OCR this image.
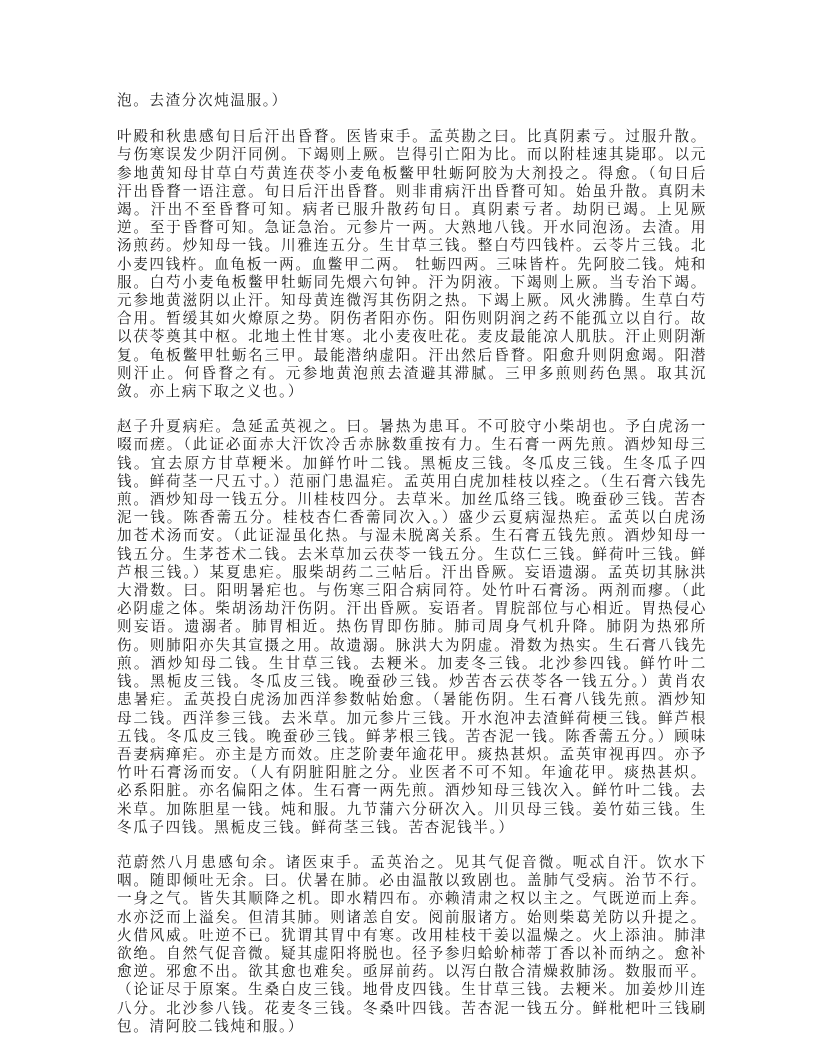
泡。去渣分次炖温服。）

叶殿和秋患感旬日后汗出昏瞀。医皆束手。孟英勘之曰。比真阴素亏。过服升散。与伤寒误发少阴汗同例。下竭则上厥。岂得引亡阳为比。而以附桂速其毙耶。以元参地黄知母甘草白芍黄连茯苓小麦龟板鳖甲牡蛎阿胶为大剂投之。得愈。（旬日后汗出昏瞀一语注意。旬日后汗出昏瞀。则非甫病汗出昏瞀可知。始虽升散。真阴未竭。汗出不至昏瞀可知。病者已服升散药旬日。真阴素亏者。劫阴已竭。上见厥逆。至于昏瞀可知。急证急治。元参片一两。大熟地八钱。开水同泡汤。去渣。用汤煎药。炒知母一钱。川雅连五分。生甘草三钱。整白芍四钱杵。云苓片三钱。北小麦四钱杵。血龟板一两。血鳖甲二两。 牡蛎四两。三味皆杵。先阿胶二钱。炖和服。白芍小麦龟板鳖甲牡蛎同先煨六句钟。汗为阴液。下竭则上厥。当专治下竭。元参地黄滋阴以止汗。知母黄连微泻其伤阴之热。下竭上厥。风火沸腾。生草白芍合用。暂缓其如火燎原之势。阴伤者阳亦伤。阳伤则阴润之药不能孤立以自行。故以茯苓奠其中枢。北地土性甘寒。北小麦夜吐花。麦皮最能凉人肌肤。汗止则阴渐复。龟板鳖甲牡蛎名三甲。最能潜纳虚阳。汗出然后昏瞀。阳愈升则阴愈竭。阳潜则汗止。何昏瞀之有。元参地黄泡煎去渣避其滞腻。三甲多煎则药色黑。取其沉敛。亦上病下取之义也。）

赵子升夏病疟。急延孟英视之。曰。暑热为患耳。不可胶守小柴胡也。予白虎汤一啜而瘥。（此证必面赤大汗饮冷舌赤脉数重按有力。生石膏一两先煎。酒炒知母三钱。宜去原方甘草粳米。加鲜竹叶二钱。黑栀皮三钱。冬瓜皮三钱。生冬瓜子四钱。鲜荷茎一尺五寸。）范丽门患温疟。孟英用白虎加桂枝以痊之。（生石膏六钱先煎。酒炒知母一钱五分。川桂枝四分。去草米。加丝瓜络三钱。晚蚕砂三钱。苦杏泥一钱。陈香薷五分。桂枝杏仁香薷同次入。）盛少云夏病湿热疟。孟英以白虎汤加苍术汤而安。（此证湿虽化热。与湿未脱离关系。生石膏五钱先煎。酒炒知母一钱五分。生茅苍术二钱。去米草加云茯苓一钱五分。生苡仁三钱。鲜荷叶三钱。鲜芦根三钱。）某夏患疟。服柴胡药二三帖后。汗出昏厥。妄语遗溺。孟英切其脉洪大滑数。曰。阳明暑疟也。与伤寒三阳合病同符。处竹叶石膏汤。两剂而瘳。（此必阴虚之体。柴胡汤劫汗伤阴。汗出昏厥。妄语者。胃脘部位与心相近。胃热侵心则妄语。遗溺者。肺胃相近。热伤胃即伤肺。肺司周身气机升降。肺阴为热邪所伤。则肺阳亦失其宣摄之用。故遗溺。脉洪大为阴虚。滑数为热实。生石膏八钱先煎。酒炒知母二钱。生甘草三钱。去粳米。加麦冬三钱。北沙参四钱。鲜竹叶二钱。黑栀皮三钱。冬瓜皮三钱。晚蚕砂三钱。炒苦杏云茯苓各一钱五分。）黄肖农患暑疟。孟英投白虎汤加西洋参数帖始愈。（暑能伤阴。生石膏八钱先煎。酒炒知母二钱。西洋参三钱。去米草。加元参片三钱。开水泡冲去渣鲜荷梗三钱。鲜芦根五钱。冬瓜皮三钱。晚蚕砂三钱。鲜茅根三钱。苦杏泥一钱。陈香薷五分。）顾味吾妻病瘅疟。亦主是方而效。庄芝阶妻年逾花甲。痰热甚炽。孟英审视再四。亦予竹叶石膏汤而安。（人有阴脏阳脏之分。业医者不可不知。年逾花甲。痰热甚炽。必系阳脏。亦名偏阳之体。生石膏一两先煎。酒炒知母三钱次入。鲜竹叶二钱。去米草。加陈胆星一钱。炖和服。九节蒲六分研次入。川贝母三钱。姜竹茹三钱。生冬瓜子四钱。黑栀皮三钱。鲜荷茎三钱。苦杏泥钱半。）

范蔚然八月患感旬余。诸医束手。孟英治之。见其气促音微。呃忒自汗。饮水下咽。随即倾吐无余。曰。伏暑在肺。必由温散以致剧也。盖肺气受病。治节不行。一身之气。皆失其顺降之机。即水精四布。亦赖清肃之权以主之。气既逆而上奔。水亦泛而上溢矣。但清其肺。则诸恙自安。阅前服诸方。始则柴葛羌防以升提之。火借风威。吐逆不已。犹谓其胃中有寒。改用桂枝干姜以温燥之。火上添油。肺津欲绝。自然气促音微。疑其虚阳将脱也。径予参归蛤蚧柿蒂丁香以补而纳之。愈补愈逆。邪愈不出。欲其愈也难矣。亟屏前药。以泻白散合清燥救肺汤。数服而平。（论证尽于原案。生桑白皮三钱。地骨皮四钱。生甘草三钱。去粳米。加姜炒川连八分。北沙参八钱。花麦冬三钱。冬桑叶四钱。苦杏泥一钱五分。鲜枇杷叶三钱刷包。清阿胶二钱炖和服。）
